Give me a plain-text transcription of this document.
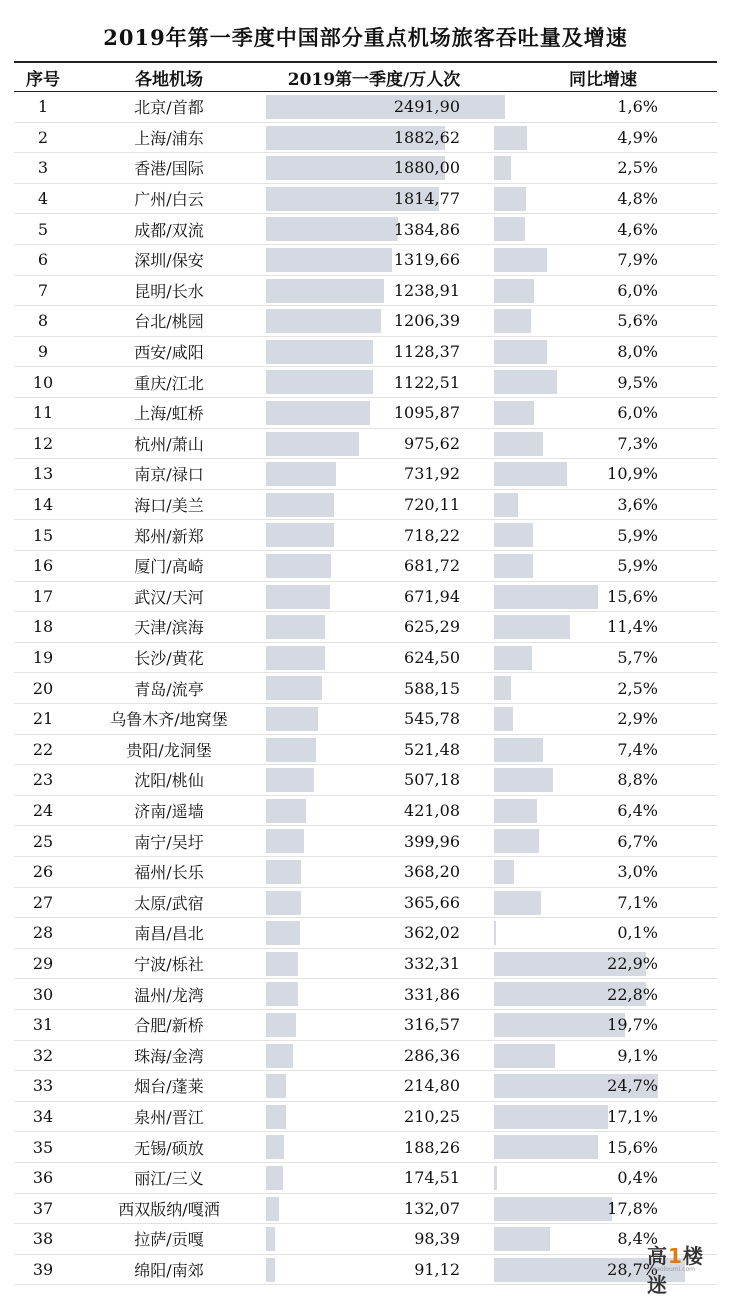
2019年第一季度中国部分重点机场旅客吞吐量及增速
序号	各地机场	2019第一季度/万人次	同比增速
1	北京/首都	2491,90	1,6%
2	上海/浦东	1882,62	4,9%
3	香港/国际	1880,00	2,5%
4	广州/白云	1814,77	4,8%
5	成都/双流	1384,86	4,6%
6	深圳/保安	1319,66	7,9%
7	昆明/长水	1238,91	6,0%
8	台北/桃园	1206,39	5,6%
9	西安/咸阳	1128,37	8,0%
10	重庆/江北	1122,51	9,5%
11	上海/虹桥	1095,87	6,0%
12	杭州/萧山	975,62	7,3%
13	南京/禄口	731,92	10,9%
14	海口/美兰	720,11	3,6%
15	郑州/新郑	718,22	5,9%
16	厦门/高崎	681,72	5,9%
17	武汉/天河	671,94	15,6%
18	天津/滨海	625,29	11,4%
19	长沙/黄花	624,50	5,7%
20	青岛/流亭	588,15	2,5%
21	乌鲁木齐/地窝堡	545,78	2,9%
22	贵阳/龙洞堡	521,48	7,4%
23	沈阳/桃仙	507,18	8,8%
24	济南/遥墙	421,08	6,4%
25	南宁/吴圩	399,96	6,7%
26	福州/长乐	368,20	3,0%
27	太原/武宿	365,66	7,1%
28	南昌/昌北	362,02	0,1%
29	宁波/栎社	332,31	22,9%
30	温州/龙湾	331,86	22,8%
31	合肥/新桥	316,57	19,7%
32	珠海/金湾	286,36	9,1%
33	烟台/蓬莱	214,80	24,7%
34	泉州/晋江	210,25	17,1%
35	无锡/硕放	188,26	15,6%
36	丽江/三义	174,51	0,4%
37	西双版纳/嘎洒	132,07	17,8%
38	拉萨/贡嘎	98,39	8,4%
39	绵阳/南郊	91,12	28,7%
gaoloumi.com
高1楼迷
